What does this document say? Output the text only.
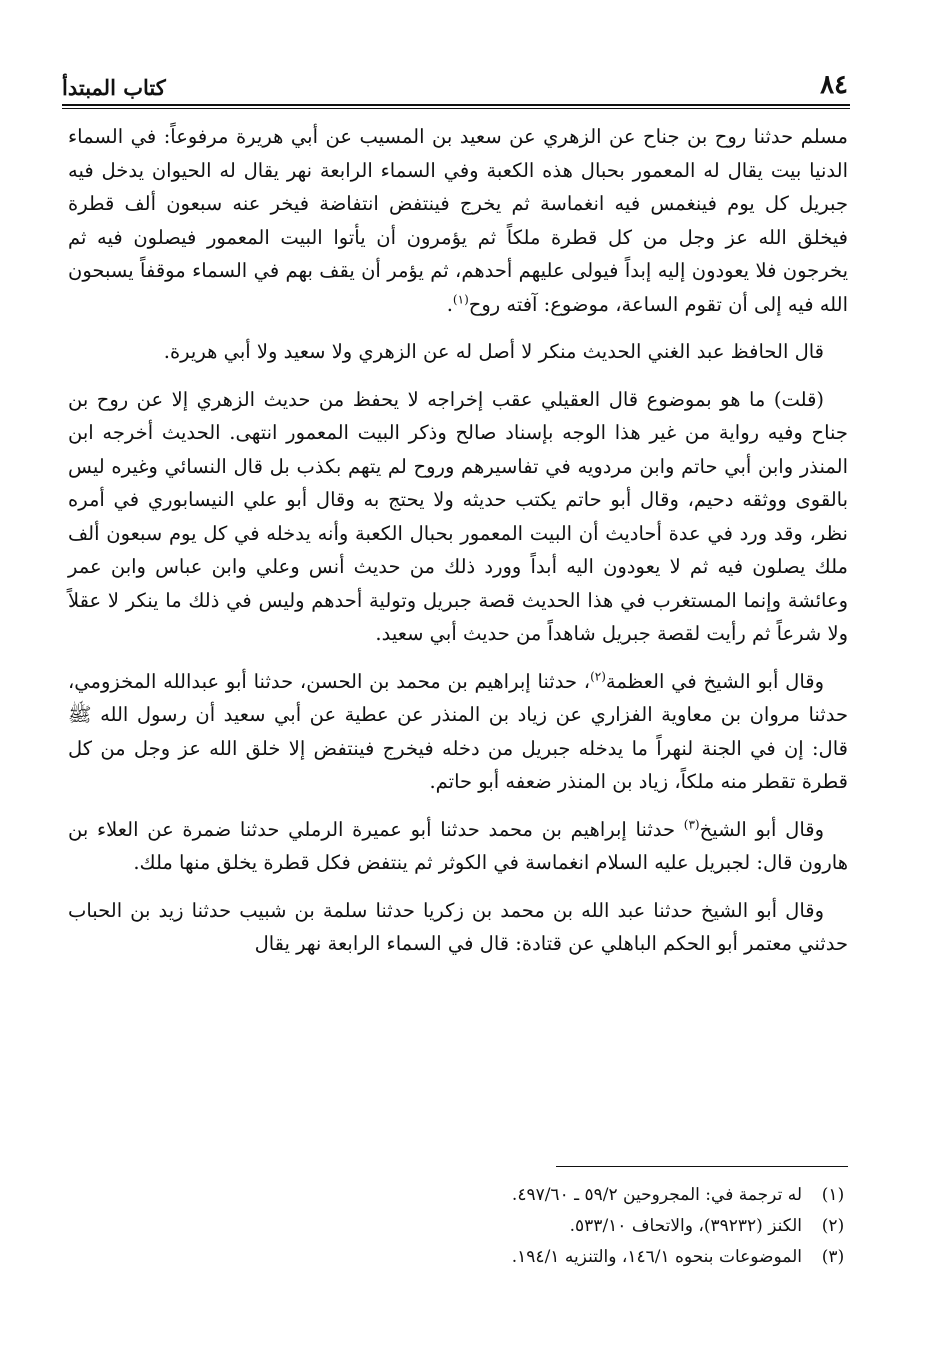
٨٤
كتاب المبتدأ

مسلم حدثنا روح بن جناح عن الزهري عن سعيد بن المسيب عن أبي هريرة مرفوعاً: في السماء الدنيا بيت يقال له المعمور بحبال هذه الكعبة وفي السماء الرابعة نهر يقال له الحيوان يدخل فيه جبريل كل يوم فينغمس فيه انغماسة ثم يخرج فينتفض انتفاضة فيخر عنه سبعون ألف قطرة فيخلق الله عز وجل من كل قطرة ملكاً ثم يؤمرون أن يأتوا البيت المعمور فيصلون فيه ثم يخرجون فلا يعودون إليه إبداً فيولى عليهم أحدهم، ثم يؤمر أن يقف بهم في السماء موقفاً يسبحون الله فيه إلى أن تقوم الساعة، موضوع: آفته روح$^{(١)}$.

قال الحافظ عبد الغني الحديث منكر لا أصل له عن الزهري ولا سعيد ولا أبي هريرة.

(قلت) ما هو بموضوع قال العقيلي عقب إخراجه لا يحفظ من حديث الزهري إلا عن روح بن جناح وفيه رواية من غير هذا الوجه بإسناد صالح وذكر البيت المعمور انتهى. الحديث أخرجه ابن المنذر وابن أبي حاتم وابن مردويه في تفاسيرهم وروح لم يتهم بكذب بل قال النسائي وغيره ليس بالقوى ووثقه دحيم، وقال أبو حاتم يكتب حديثه ولا يحتج به وقال أبو علي النيسابوري في أمره نظر، وقد ورد في عدة أحاديث أن البيت المعمور بحبال الكعبة وأنه يدخله في كل يوم سبعون ألف ملك يصلون فيه ثم لا يعودون اليه أبداً وورد ذلك من حديث أنس وعلي وابن عباس وابن عمر وعائشة وإنما المستغرب في هذا الحديث قصة جبريل وتولية أحدهم وليس في ذلك ما ينكر لا عقلاً ولا شرعاً ثم رأيت لقصة جبريل شاهداً من حديث أبي سعيد.

وقال أبو الشيخ في العظمة$^{(٢)}$، حدثنا إبراهيم بن محمد بن الحسن، حدثنا أبو عبدالله المخزومي، حدثنا مروان بن معاوية الفزاري عن زياد بن المنذر عن عطية عن أبي سعيد أن رسول الله ﷺ قال: إن في الجنة لنهراً ما يدخله جبريل من دخله فيخرج فينتفض إلا خلق الله عز وجل من كل قطرة تقطر منه ملكاً، زياد بن المنذر ضعفه أبو حاتم.

وقال أبو الشيخ$^{(٣)}$ حدثنا إبراهيم بن محمد حدثنا أبو عميرة الرملي حدثنا ضمرة عن العلاء بن هارون قال: لجبريل عليه السلام انغماسة في الكوثر ثم ينتفض فكل قطرة يخلق منها ملك.

وقال أبو الشيخ حدثنا عبد الله بن محمد بن زكريا حدثنا سلمة بن شبيب حدثنا زيد بن الحباب حدثني معتمر أبو الحكم الباهلي عن قتادة: قال في السماء الرابعة نهر يقال

(١)
له ترجمة في: المجروحين ٥٩/٢ ـ ٤٩٧/٦٠.
(٢)
الكنز (٣٩٢٣٢)، والاتحاف ٥٣٣/١٠.
(٣)
الموضوعات بنحوه ١٤٦/١، والتنزيه ١٩٤/١.
